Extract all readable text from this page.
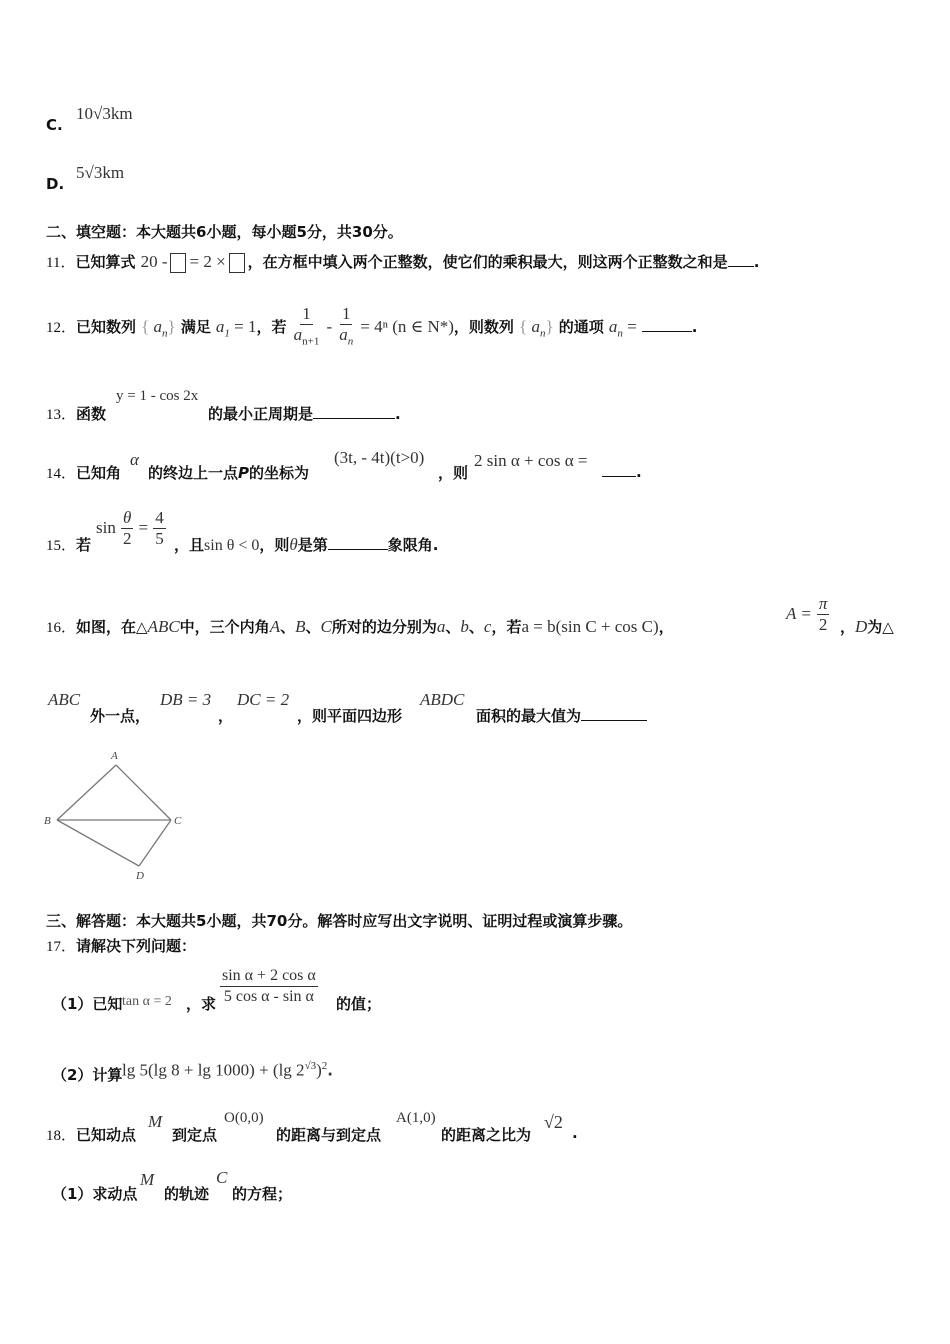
C.
10√3km
D.
5√3km
二、填空题：本大题共6小题，每小题5分，共30分。
11．已知算式 20 - = 2 × ，在方框中填入两个正整数，使它们的乘积最大，则这两个正整数之和是 .
12．已知数列 { $a_n$} 满足 $a_1 = 1$，若 $\frac{1}{a_{n+1}} - \frac{1}{a_n} = 4^n$ (n ∈ N*)，则数列 { $a_n$} 的通项 $a_n$ =	.
13．函数
y = 1 - cos 2x
的最小正周期是	.
14．已知角
α
的终边上一点P的坐标为
(3t, - 4t)(t>0)
，则
2 sin α + cos α =
.
15．若
$\sin \frac{\theta}{2} = \frac{4}{5}$ ，且sin θ < 0，则θ是第	象限角.
16．如图，在△ABC中，三个内角A、B、C所对的边分别为a、b、c，若a = b(sin C + cos C)，
$A = \frac{\pi}{2}$ ，D为△
ABC
外一点，
DB = 3
，
DC = 2
，则平面四边形
ABDC
面积的最大值为
A
B	C
D
三、解答题：本大题共5小题，共70分。解答时应写出文字说明、证明过程或演算步骤。
17．请解决下列问题：
（1）已知 tan α = 2 ，求 $\frac{\text{sin α + 2 cos α}}{\text{5 cos α - sin α}}$ 的值；
（2）计算 lg 5(lg 8 + lg 1000) + (lg $2^{√3})^2$.
18．已知动点
M
到定点
O(0,0)
的距离与到定点
A(1,0)
的距离之比为
√2
.
（1）求动点
M
的轨迹
C
的方程；
